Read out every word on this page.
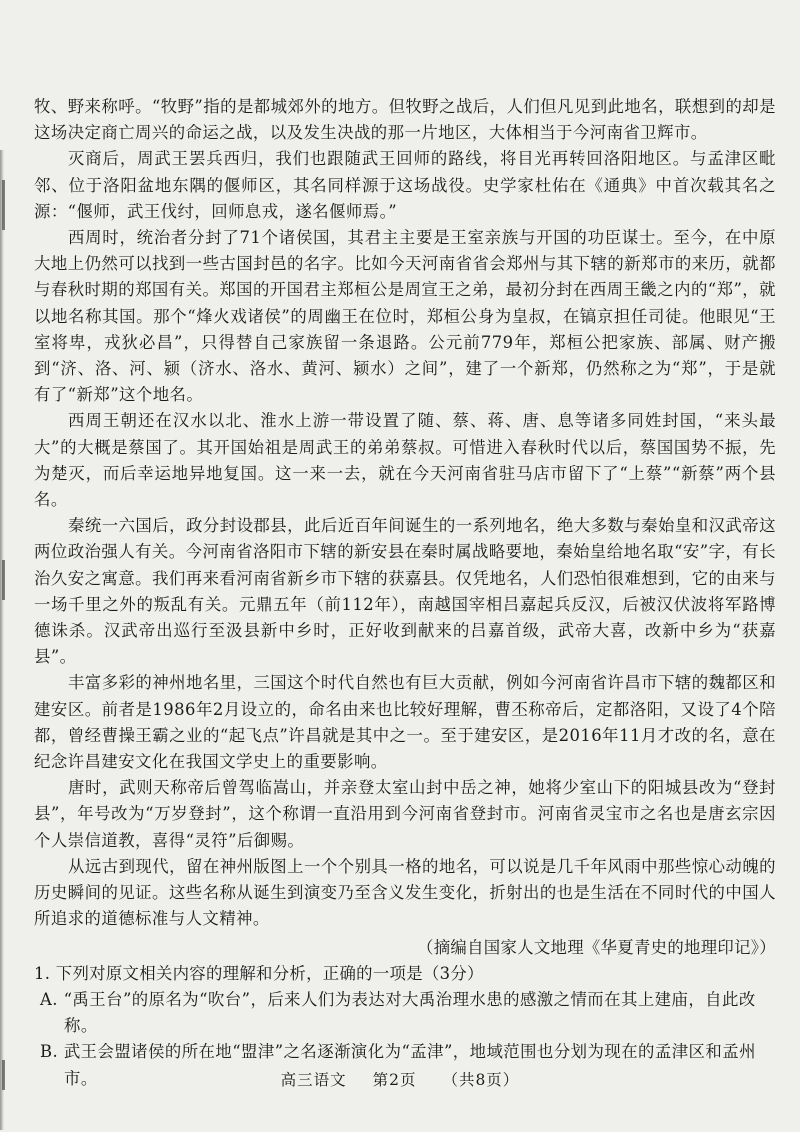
牧、野来称呼。“牧野”指的是都城郊外的地方。但牧野之战后，人们但凡见到此地名，联想到的却是这场决定商亡周兴的命运之战，以及发生决战的那一片地区，大体相当于今河南省卫辉市。

灭商后，周武王罢兵西归，我们也跟随武王回师的路线，将目光再转回洛阳地区。与孟津区毗邻、位于洛阳盆地东隅的偃师区，其名同样源于这场战役。史学家杜佑在《通典》中首次载其名之源：“偃师，武王伐纣，回师息戎，遂名偃师焉。”

西周时，统治者分封了71个诸侯国，其君主主要是王室亲族与开国的功臣谋士。至今，在中原大地上仍然可以找到一些古国封邑的名字。比如今天河南省省会郑州与其下辖的新郑市的来历，就都与春秋时期的郑国有关。郑国的开国君主郑桓公是周宣王之弟，最初分封在西周王畿之内的“郑”，就以地名称其国。那个“烽火戏诸侯”的周幽王在位时，郑桓公身为皇叔，在镐京担任司徒。他眼见“王室将卑，戎狄必昌”，只得替自己家族留一条退路。公元前779年，郑桓公把家族、部属、财产搬到“济、洛、河、颍（济水、洛水、黄河、颍水）之间”，建了一个新郑，仍然称之为“郑”，于是就有了“新郑”这个地名。

西周王朝还在汉水以北、淮水上游一带设置了随、蔡、蒋、唐、息等诸多同姓封国，“来头最大”的大概是蔡国了。其开国始祖是周武王的弟弟蔡叔。可惜进入春秋时代以后，蔡国国势不振，先为楚灭，而后幸运地异地复国。这一来一去，就在今天河南省驻马店市留下了“上蔡”“新蔡”两个县名。

秦统一六国后，政分封设郡县，此后近百年间诞生的一系列地名，绝大多数与秦始皇和汉武帝这两位政治强人有关。今河南省洛阳市下辖的新安县在秦时属战略要地，秦始皇给地名取“安”字，有长治久安之寓意。我们再来看河南省新乡市下辖的获嘉县。仅凭地名，人们恐怕很难想到，它的由来与一场千里之外的叛乱有关。元鼎五年（前112年），南越国宰相吕嘉起兵反汉，后被汉伏波将军路博德诛杀。汉武帝出巡行至汲县新中乡时，正好收到献来的吕嘉首级，武帝大喜，改新中乡为“获嘉县”。

丰富多彩的神州地名里，三国这个时代自然也有巨大贡献，例如今河南省许昌市下辖的魏都区和建安区。前者是1986年2月设立的，命名由来也比较好理解，曹丕称帝后，定都洛阳，又设了4个陪都，曾经曹操王霸之业的“起飞点”许昌就是其中之一。至于建安区，是2016年11月才改的名，意在纪念许昌建安文化在我国文学史上的重要影响。

唐时，武则天称帝后曾驾临嵩山，并亲登太室山封中岳之神，她将少室山下的阳城县改为“登封县”，年号改为“万岁登封”，这个称谓一直沿用到今河南省登封市。河南省灵宝市之名也是唐玄宗因个人崇信道教，喜得“灵符”后御赐。

从远古到现代，留在神州版图上一个个别具一格的地名，可以说是几千年风雨中那些惊心动魄的历史瞬间的见证。这些名称从诞生到演变乃至含义发生变化，折射出的也是生活在不同时代的中国人所追求的道德标准与人文精神。

（摘编自国家人文地理《华夏青史的地理印记》）

1. 下列对原文相关内容的理解和分析，正确的一项是（3分）

A. “禹王台”的原名为“吹台”，后来人们为表达对大禹治理水患的感激之情而在其上建庙，自此改称。

B. 武王会盟诸侯的所在地“盟津”之名逐渐演化为“孟津”，地域范围也分划为现在的孟津区和孟州市。	高三语文 第2页 （共8页）
